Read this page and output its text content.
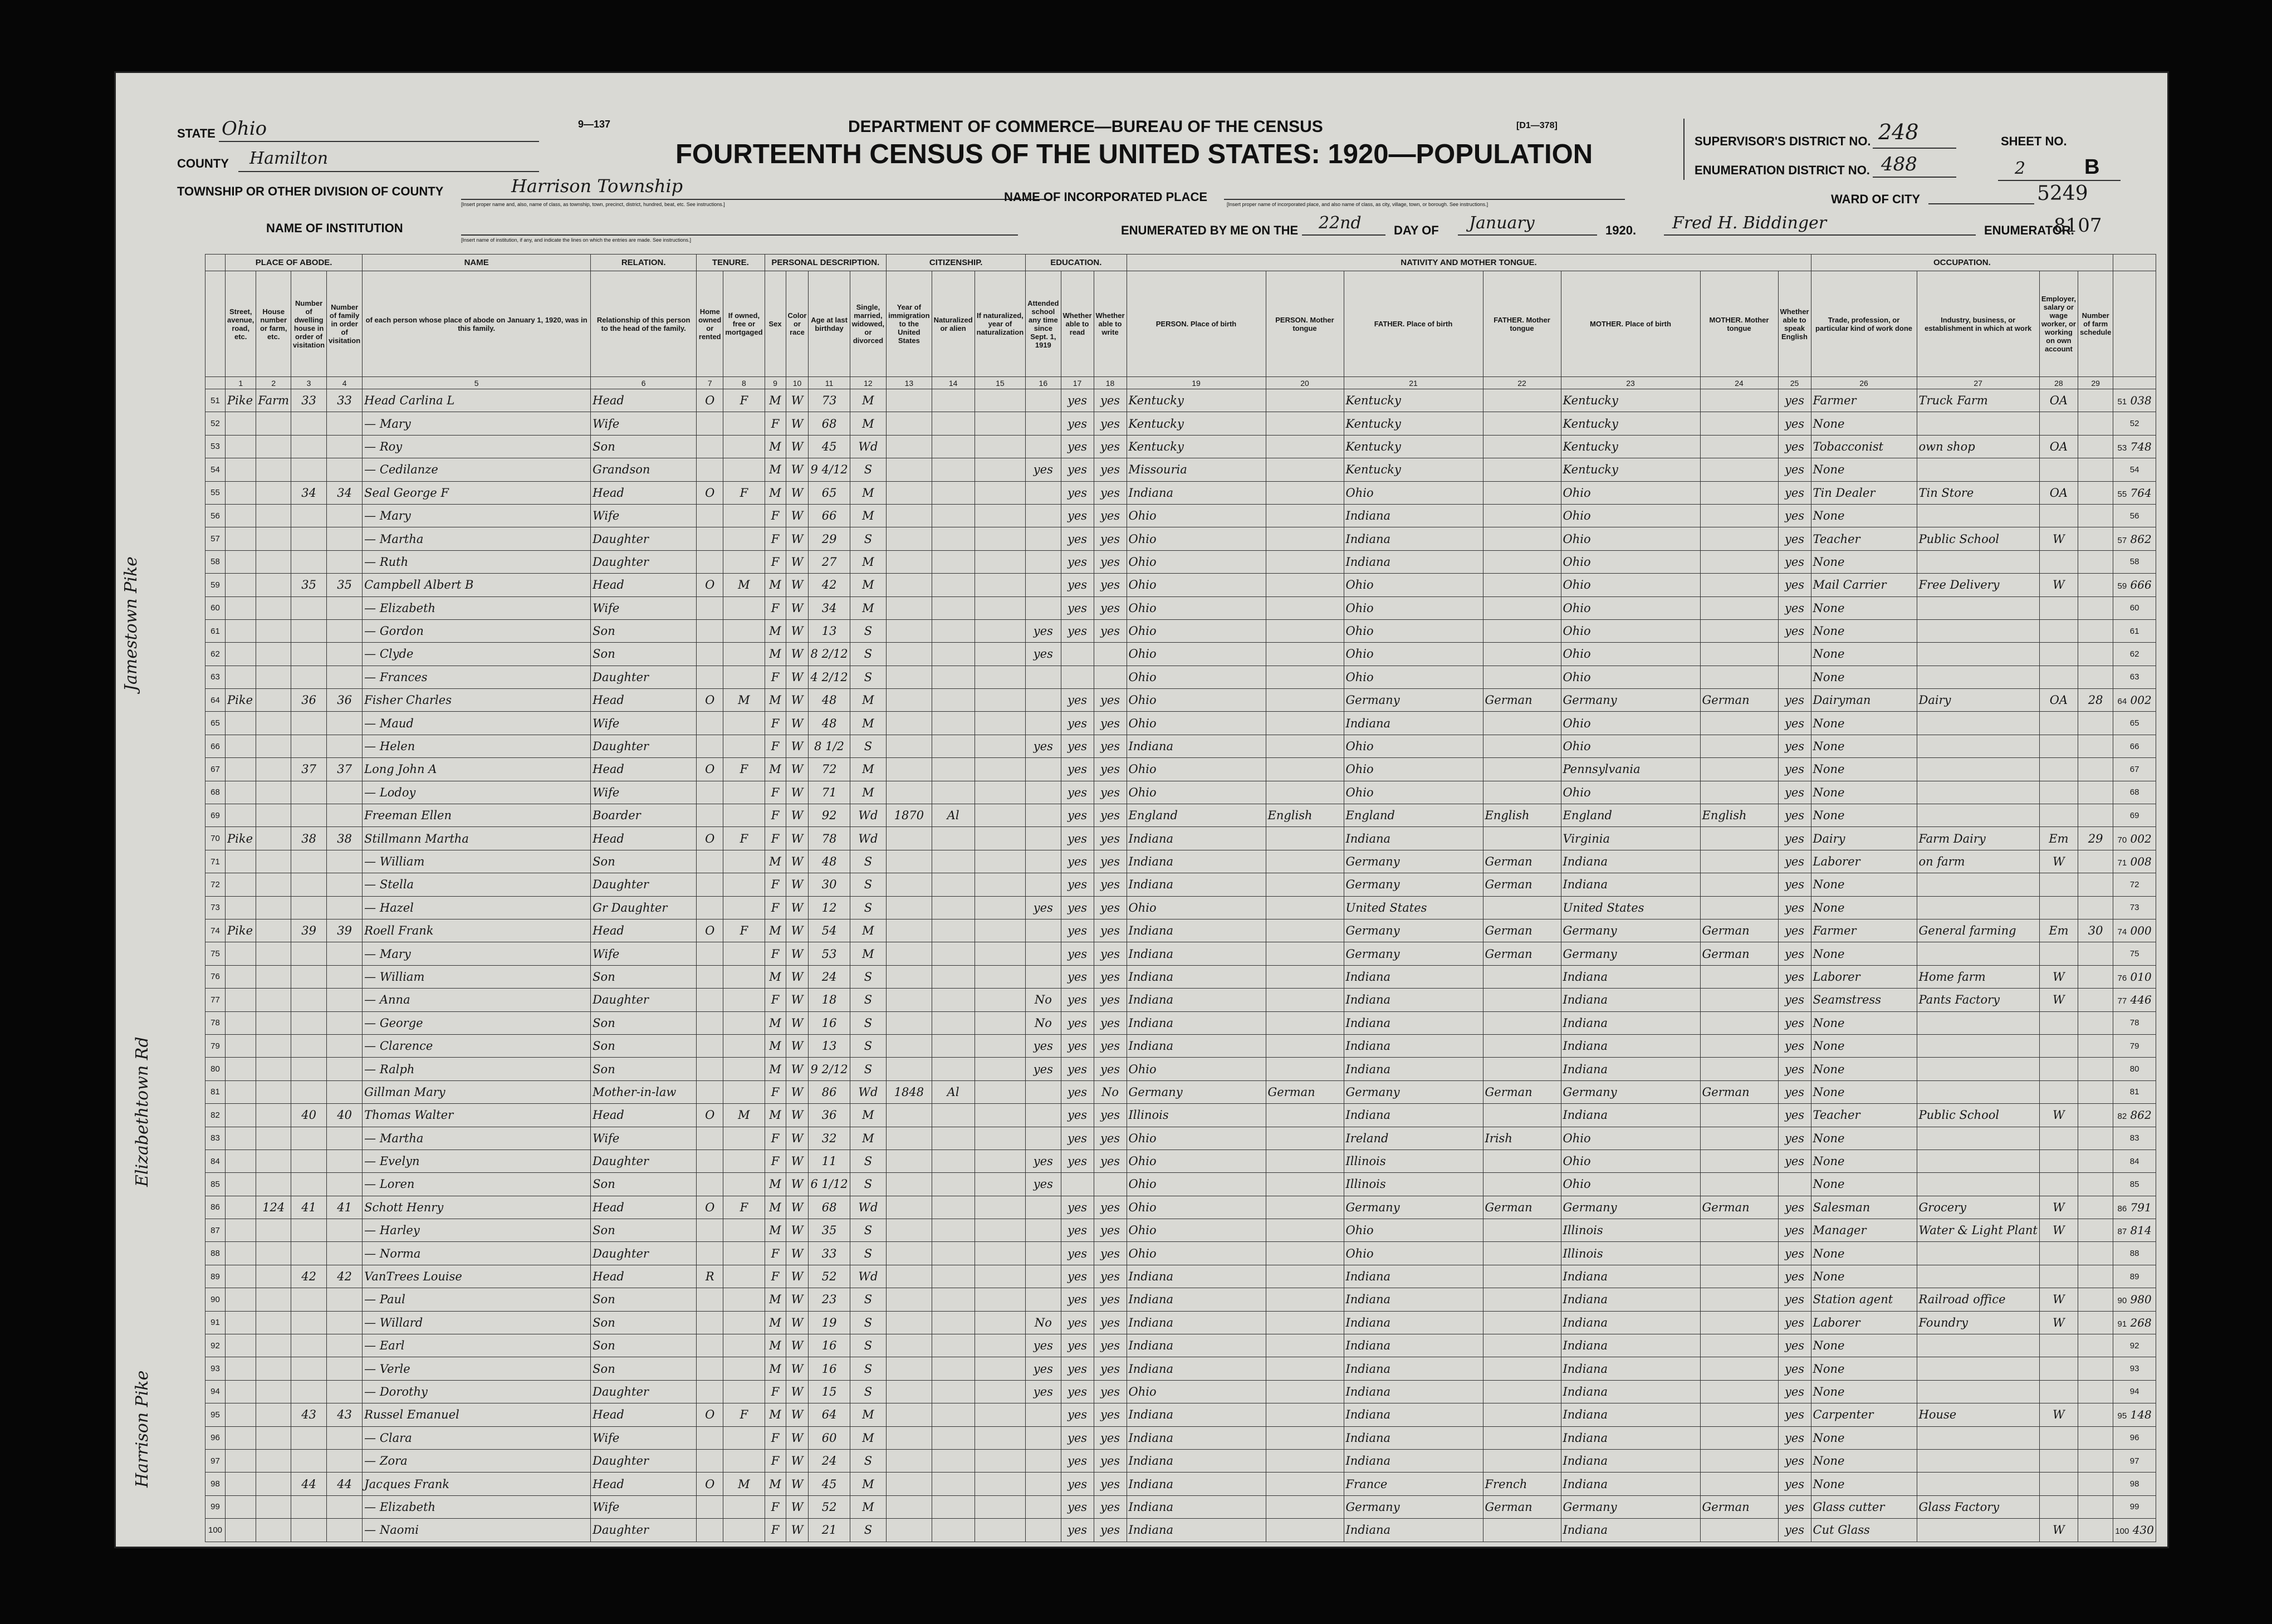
9—137	DEPARTMENT OF COMMERCE—BUREAU OF THE CENSUS	[D1—378]
FOURTEENTH CENSUS OF THE UNITED STATES: 1920—POPULATION
STATE Ohio
COUNTY Hamilton
TOWNSHIP OR OTHER DIVISION OF COUNTY	Harrison Township
[Insert proper name and, also, name of class, as township, town, precinct, district, hundred, beat, etc. See instructions.]
NAME OF INSTITUTION
[Insert name of institution, if any, and indicate the lines on which the entries are made. See instructions.]
NAME OF INCORPORATED PLACE
[Insert proper name of incorporated place, and also name of class, as city, village, town, or borough. See instructions.]
ENUMERATED BY ME ON THE 22nd	DAY OF January	1920. Fred H. Biddinger	ENUMERATOR.
SUPERVISOR'S DISTRICT NO. 248
ENUMERATION DISTRICT NO. 488
SHEET NO.
2	B
WARD OF CITY	5249
8107
Jamestown Pike
Elizabethtown Rd
Harrison Pike
	PLACE OF ABODE.				NAME	RELATION.	TENURE.		PERSONAL DESCRIPTION.				CITIZENSHIP.			EDUCATION.			NATIVITY AND MOTHER TONGUE.							OCCUPATION.				
	Street, avenue, road, etc.	House number or farm, etc.	Number of dwelling house in order of visitation	Number of family in order of visitation	of each person whose place of abode on January 1, 1920, was in this family.	Relationship of this person to the head of the family.	Home owned or rented	If owned, free or mortgaged	Sex	Color or race	Age at last birthday	Single, married, widowed, or divorced	Year of immigration to the United States	Naturalized or alien	If naturalized, year of naturalization	Attended school any time since Sept. 1, 1919	Whether able to read	Whether able to write	PERSON. Place of birth	PERSON. Mother tongue	FATHER. Place of birth	FATHER. Mother tongue	MOTHER. Place of birth	MOTHER. Mother tongue	Whether able to speak English	Trade, profession, or particular kind of work done	Industry, business, or establishment in which at work	Employer, salary or wage worker, or working on own account	Number of farm schedule	
	1	2	3	4	5	6	7	8	9	10	11	12	13	14	15	16	17	18	19	20	21	22	23	24	25	26	27	28	29	
51	Pike	Farm	33	33	Head Carlina L	Head	O	F	M	W	73	M					yes	yes	Kentucky		Kentucky		Kentucky		yes	Farmer	Truck Farm	OA		51 038
52					— Mary	Wife			F	W	68	M					yes	yes	Kentucky		Kentucky		Kentucky		yes	None				52
53					— Roy	Son			M	W	45	Wd					yes	yes	Kentucky		Kentucky		Kentucky		yes	Tobacconist	own shop	OA		53 748
54					— Cedilanze	Grandson			M	W	9 4/12	S				yes	yes	yes	Missouria		Kentucky		Kentucky		yes	None				54
55			34	34	Seal George F	Head	O	F	M	W	65	M					yes	yes	Indiana		Ohio		Ohio		yes	Tin Dealer	Tin Store	OA		55 764
56					— Mary	Wife			F	W	66	M					yes	yes	Ohio		Indiana		Ohio		yes	None				56
57					— Martha	Daughter			F	W	29	S					yes	yes	Ohio		Indiana		Ohio		yes	Teacher	Public School	W		57 862
58					— Ruth	Daughter			F	W	27	M					yes	yes	Ohio		Indiana		Ohio		yes	None				58
59			35	35	Campbell Albert B	Head	O	M	M	W	42	M					yes	yes	Ohio		Ohio		Ohio		yes	Mail Carrier	Free Delivery	W		59 666
60					— Elizabeth	Wife			F	W	34	M					yes	yes	Ohio		Ohio		Ohio		yes	None				60
61					— Gordon	Son			M	W	13	S				yes	yes	yes	Ohio		Ohio		Ohio		yes	None				61
62					— Clyde	Son			M	W	8 2/12	S				yes			Ohio		Ohio		Ohio			None				62
63					— Frances	Daughter			F	W	4 2/12	S							Ohio		Ohio		Ohio			None				63
64	Pike		36	36	Fisher Charles	Head	O	M	M	W	48	M					yes	yes	Ohio		Germany	German	Germany	German	yes	Dairyman	Dairy	OA	28	64 002
65					— Maud	Wife			F	W	48	M					yes	yes	Ohio		Indiana		Ohio		yes	None				65
66					— Helen	Daughter			F	W	8 1/2	S				yes	yes	yes	Indiana		Ohio		Ohio		yes	None				66
67			37	37	Long John A	Head	O	F	M	W	72	M					yes	yes	Ohio		Ohio		Pennsylvania		yes	None				67
68					— Lodoy	Wife			F	W	71	M					yes	yes	Ohio		Ohio		Ohio		yes	None				68
69					Freeman Ellen	Boarder			F	W	92	Wd	1870	Al			yes	yes	England	English	England	English	England	English	yes	None				69
70	Pike		38	38	Stillmann Martha	Head	O	F	F	W	78	Wd					yes	yes	Indiana		Indiana		Virginia		yes	Dairy	Farm Dairy	Em	29	70 002
71					— William	Son			M	W	48	S					yes	yes	Indiana		Germany	German	Indiana		yes	Laborer	on farm	W		71 008
72					— Stella	Daughter			F	W	30	S					yes	yes	Indiana		Germany	German	Indiana		yes	None				72
73					— Hazel	Gr Daughter			F	W	12	S				yes	yes	yes	Ohio		United States		United States		yes	None				73
74	Pike		39	39	Roell Frank	Head	O	F	M	W	54	M					yes	yes	Indiana		Germany	German	Germany	German	yes	Farmer	General farming	Em	30	74 000
75					— Mary	Wife			F	W	53	M					yes	yes	Indiana		Germany	German	Germany	German	yes	None				75
76					— William	Son			M	W	24	S					yes	yes	Indiana		Indiana		Indiana		yes	Laborer	Home farm	W		76 010
77					— Anna	Daughter			F	W	18	S				No	yes	yes	Indiana		Indiana		Indiana		yes	Seamstress	Pants Factory	W		77 446
78					— George	Son			M	W	16	S				No	yes	yes	Indiana		Indiana		Indiana		yes	None				78
79					— Clarence	Son			M	W	13	S				yes	yes	yes	Indiana		Indiana		Indiana		yes	None				79
80					— Ralph	Son			M	W	9 2/12	S				yes	yes	yes	Ohio		Indiana		Indiana		yes	None				80
81					Gillman Mary	Mother-in-law			F	W	86	Wd	1848	Al			yes	No	Germany	German	Germany	German	Germany	German	yes	None				81
82			40	40	Thomas Walter	Head	O	M	M	W	36	M					yes	yes	Illinois		Indiana		Indiana		yes	Teacher	Public School	W		82 862
83					— Martha	Wife			F	W	32	M					yes	yes	Ohio		Ireland	Irish	Ohio		yes	None				83
84					— Evelyn	Daughter			F	W	11	S				yes	yes	yes	Ohio		Illinois		Ohio		yes	None				84
85					— Loren	Son			M	W	6 1/12	S				yes			Ohio		Illinois		Ohio			None				85
86		124	41	41	Schott Henry	Head	O	F	M	W	68	Wd					yes	yes	Ohio		Germany	German	Germany	German	yes	Salesman	Grocery	W		86 791
87					— Harley	Son			M	W	35	S					yes	yes	Ohio		Ohio		Illinois		yes	Manager	Water & Light Plant	W		87 814
88					— Norma	Daughter			F	W	33	S					yes	yes	Ohio		Ohio		Illinois		yes	None				88
89			42	42	VanTrees Louise	Head	R		F	W	52	Wd					yes	yes	Indiana		Indiana		Indiana		yes	None				89
90					— Paul	Son			M	W	23	S					yes	yes	Indiana		Indiana		Indiana		yes	Station agent	Railroad office	W		90 980
91					— Willard	Son			M	W	19	S				No	yes	yes	Indiana		Indiana		Indiana		yes	Laborer	Foundry	W		91 268
92					— Earl	Son			M	W	16	S				yes	yes	yes	Indiana		Indiana		Indiana		yes	None				92
93					— Verle	Son			M	W	16	S				yes	yes	yes	Indiana		Indiana		Indiana		yes	None				93
94					— Dorothy	Daughter			F	W	15	S				yes	yes	yes	Ohio		Indiana		Indiana		yes	None				94
95			43	43	Russel Emanuel	Head	O	F	M	W	64	M					yes	yes	Indiana		Indiana		Indiana		yes	Carpenter	House	W		95 148
96					— Clara	Wife			F	W	60	M					yes	yes	Indiana		Indiana		Indiana		yes	None				96
97					— Zora	Daughter			F	W	24	S					yes	yes	Indiana		Indiana		Indiana		yes	None				97
98			44	44	Jacques Frank	Head	O	M	M	W	45	M					yes	yes	Indiana		France	French	Indiana		yes	None				98
99					— Elizabeth	Wife			F	W	52	M					yes	yes	Indiana		Germany	German	Germany	German	yes	Glass cutter	Glass Factory			99
100					— Naomi	Daughter			F	W	21	S					yes	yes	Indiana		Indiana		Indiana		yes	Cut Glass		W		100 430
